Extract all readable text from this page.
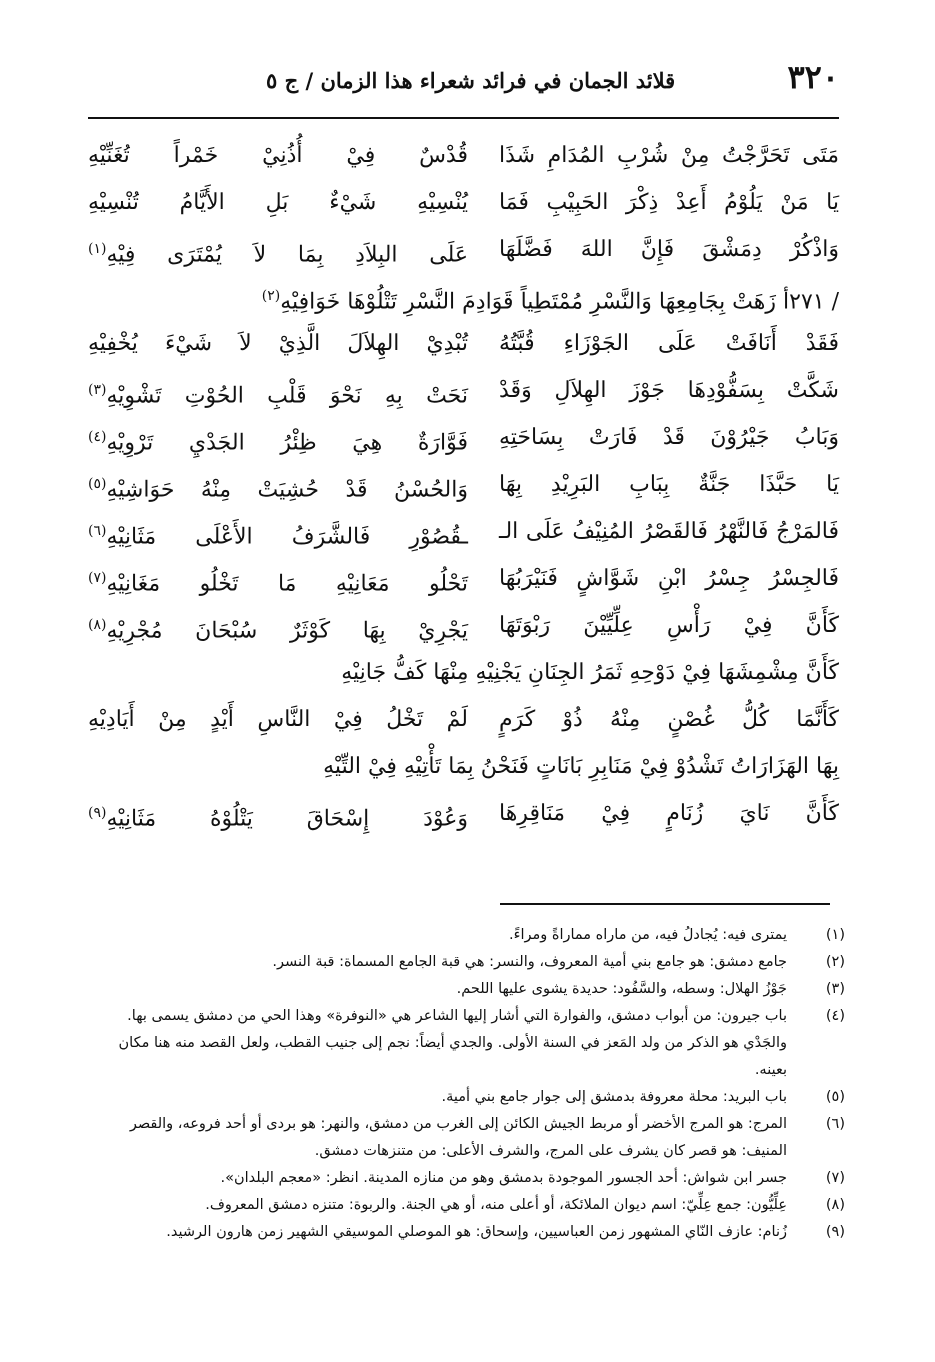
٣٢٠
قلائد الجمان في فرائد شعراء هذا الزمان / ج ٥
مَتَى تَحَرَّجْتُ مِنْ شُرْبِ المُدَامِ شَذَا
قُدْسٌ فِيْ أُذُنِيْ خَمْراً تُغَنِّيْهِ
يَا مَنْ يَلُوْمُ أَعِدْ ذِكْرَ الحَبِيْبِ فَمَا
يُنْسِيْهِ شَيْءٌ بَلِ الأَيَّامُ تُنْسِيْهِ
وَاذْكُرْ دِمَشْقَ فَإِنَّ اللهَ فَضَّلَهَا
عَلَى البِلاَدِ بِمَا لاَ يُمْتَرَى فِيْهِ$^{(١)}$
/ ٢٧١أ زَهَتْ بِجَامِعِهَا وَالنَّسْرِ مُمْتَطِياً قَوَادِمَ النَّسْرِ تَتْلُوْهَا خَوَافِيْهِ$^{(٢)}$
فَقَدْ أَنَافَتْ عَلَى الجَوْزَاءِ قُبَّتُهُ
تُبْدِيْ الهِلاَلَ الَّذِيْ لاَ شَيْءَ يُخْفِيْهِ
شَكَّتْ بِسَفُّوْدِهَا جَوْزَ الهِلاَلِ وَقَدْ
نَحَتْ بِهِ نَحْوَ قَلْبِ الحُوْتِ تَشْوِيْهِ$^{(٣)}$
وَبَابُ جَيْرُوْنَ قَدْ فَارَتْ بِسَاحَتِهِ
فَوَّارَةٌ هِيَ ظِئْرُ الجَدْيِ تَرْوِيْهِ$^{(٤)}$
يَا حَبَّذَا جَنَّةٌ بِبَابِ البَرِيْدِ بِهَا
وَالحُسْنُ قَدْ حُشِيَتْ مِنْهُ حَوَاشِيْهِ$^{(٥)}$
فَالمَرْجُ فَالنَّهْرُ فَالقَصْرُ المُنِيْفُ عَلَى الـ
ـقُصُوْرِ فَالشَّرَفُ الأَعْلَى مَثَانِيْهِ$^{(٦)}$
فَالجِسْرُ جِسْرُ ابْنِ شَوَّاشٍ فَنَيْرَبُهَا
تَحْلُو مَعَانِيْهِ مَا تَخْلُو مَغَانِيْهِ$^{(٧)}$
كَأَنَّ فِيْ رَأْسِ عِلِّيِّيْنَ رَبْوَتَهَا
يَجْرِيْ بِهَا كَوْثَرٌ سُبْحَانَ مُجْرِيْهِ$^{(٨)}$
كَأَنَّ مِشْمِشَهَا فِيْ دَوْحِهِ ثَمَرُ الجِنَانِ يَجْنِيْهِ مِنْهَا كَفُّ جَانِيْهِ
كَأَنَّمَا كُلُّ غُصْنٍ مِنْهُ ذُوْ كَرَمٍ
لَمْ تَخْلُ فِيْ النَّاسِ أَيْدٍ مِنْ أَيَادِيْهِ
بِهَا الهَزَارَاتُ تَشْدُوْ فِيْ مَنَابِرِ بَانَاتٍ فَنَحْنُ بِمَا تَأْتِيْهِ فِيْ التِّيْهِ
كَأَنَّ نَايَ زُنَامٍ فِيْ مَنَاقِرِهَا
وَعُوْدَ إِسْحَاقَ يَتْلُوْهُ مَثَانِيْهِ$^{(٩)}$
(١)
يمترى فيه: يُجادلُ فيه، من ماراه مماراةً ومراءً.
(٢)
جامع دمشق: هو جامع بني أمية المعروف، والنسر: هي قبة الجامع المسماة: قبة النسر.
(٣)
جَوْزُ الهلال: وسطه، والسَّفُود: حديدة يشوى عليها اللحم.
(٤)
باب جيرون: من أبواب دمشق، والفوارة التي أشار إليها الشاعر هي «النوفرة» وهذا الحي من دمشق يسمى بها. والجَدْي هو الذكر من ولد المَعز في السنة الأولى. والجدي أيضاً: نجم إلى جنيب القطب، ولعل القصد منه هنا مكان بعينه.
(٥)
باب البريد: محلة معروفة بدمشق إلى جوار جامع بني أمية.
(٦)
المرج: هو المرج الأخضر أو مربط الجيش الكائن إلى الغرب من دمشق، والنهر: هو بردى أو أحد فروعه، والقصر المنيف: هو قصر كان يشرف على المرج، والشرف الأعلى: من متنزهات دمشق.
(٧)
جسر ابن شواش: أحد الجسور الموجودة بدمشق وهو من منازه المدينة. انظر: «معجم البلدان».
(٨)
عِلِّيُّون: جمع عِلِّيّ: اسم ديوان الملائكة، أو أعلى منه، أو هي الجنة. والربوة: متنزه دمشق المعروف.
(٩)
زُنام: عازف النّاي المشهور زمن العباسيين، وإسحاق: هو الموصلي الموسيقي الشهير زمن هارون الرشيد.
